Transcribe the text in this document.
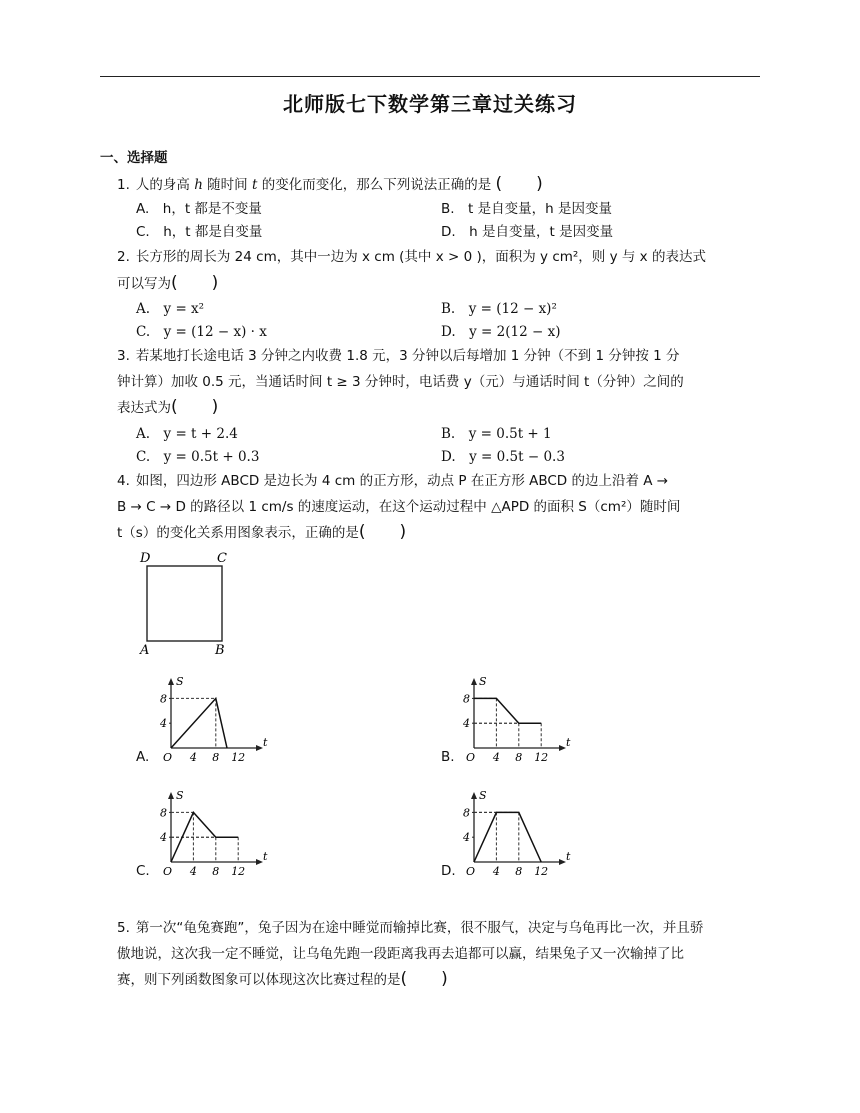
北师版七下数学第三章过关练习
一、选择题
1. 人的身高 h 随时间 t 的变化而变化，那么下列说法正确的是 (　　)
A.　h，t 都是不变量	B.　t 是自变量，h 是因变量
C.　h，t 都是自变量	D.　h 是自变量，t 是因变量
2. 长方形的周长为 24 cm，其中一边为 x cm (其中 x > 0 )，面积为 y cm²，则 y 与 x 的表达式
可以写为(　　)
A.　y = x²	B.　y = (12 − x)²
C.　y = (12 − x) · x	D.　y = 2(12 − x)
3. 若某地打长途电话 3 分钟之内收费 1.8 元，3 分钟以后每增加 1 分钟（不到 1 分钟按 1 分
钟计算）加收 0.5 元，当通话时间 t ≥ 3 分钟时，电话费 y（元）与通话时间 t（分钟）之间的
表达式为(　　)
A.　y = t + 2.4	B.　y = 0.5t + 1
C.　y = 0.5t + 0.3	D.　y = 0.5t − 0.3
4. 如图，四边形 ABCD 是边长为 4 cm 的正方形，动点 P 在正方形 ABCD 的边上沿着 A →
B → C → D 的路径以 1 cm/s 的速度运动，在这个运动过程中 △APD 的面积 S（cm²）随时间
t（s）的变化关系用图象表示，正确的是(　　)
D	C
A	B
A.	B.
C.	D.
S
t
O 4 8 12
4
8
S
t
O 4 8 12
4
8
S
t
O 4 8 12
4
8
S
t
O 4 8 12
4
8
5. 第一次“龟兔赛跑”，兔子因为在途中睡觉而输掉比赛，很不服气，决定与乌龟再比一次，并且骄
傲地说，这次我一定不睡觉，让乌龟先跑一段距离我再去追都可以赢，结果兔子又一次输掉了比
赛，则下列函数图象可以体现这次比赛过程的是(　　)
